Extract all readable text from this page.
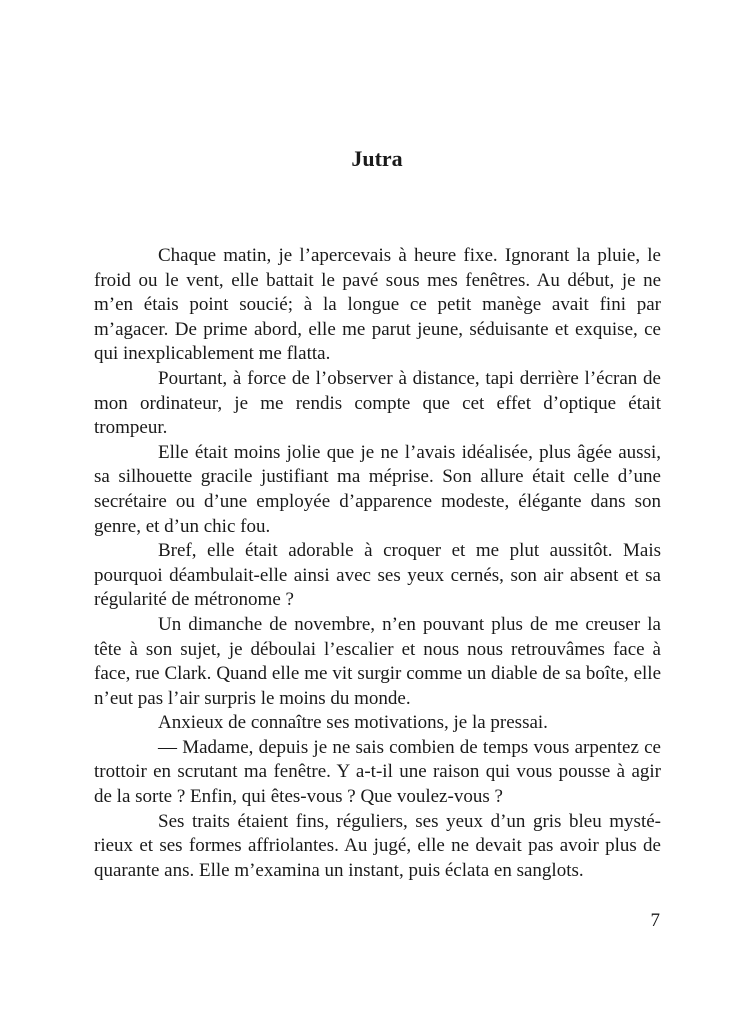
Jutra

Chaque matin, je l’apercevais à heure fixe. Ignorant la pluie, le froid ou le vent, elle battait le pavé sous mes fenêtres. Au début, je ne m’en étais point soucié; à la longue ce petit manège avait fini par m’agacer. De prime abord, elle me parut jeune, séduisante et exquise, ce qui inexplicablement me flatta.

Pourtant, à force de l’observer à distance, tapi derrière l’écran de mon ordinateur, je me rendis compte que cet effet d’optique était trompeur.

Elle était moins jolie que je ne l’avais idéalisée, plus âgée aussi, sa silhouette gracile justifiant ma méprise. Son allure était celle d’une secrétaire ou d’une employée d’apparence modeste, élégante dans son genre, et d’un chic fou.

Bref, elle était adorable à croquer et me plut aussitôt. Mais pourquoi déambulait-elle ainsi avec ses yeux cernés, son air absent et sa régularité de métronome ?

Un dimanche de novembre, n’en pouvant plus de me creuser la tête à son sujet, je déboulai l’escalier et nous nous retrouvâmes face à face, rue Clark. Quand elle me vit surgir comme un diable de sa boîte, elle n’eut pas l’air surpris le moins du monde.

Anxieux de connaître ses motivations, je la pressai.

— Madame, depuis je ne sais combien de temps vous arpentez ce trottoir en scrutant ma fenêtre. Y a-t-il une raison qui vous pousse à agir de la sorte ? Enfin, qui êtes-vous ? Que voulez-vous ?

Ses traits étaient fins, réguliers, ses yeux d’un gris bleu mystérieux et ses formes affriolantes. Au jugé, elle ne devait pas avoir plus de quarante ans. Elle m’examina un instant, puis éclata en sanglots.

7
